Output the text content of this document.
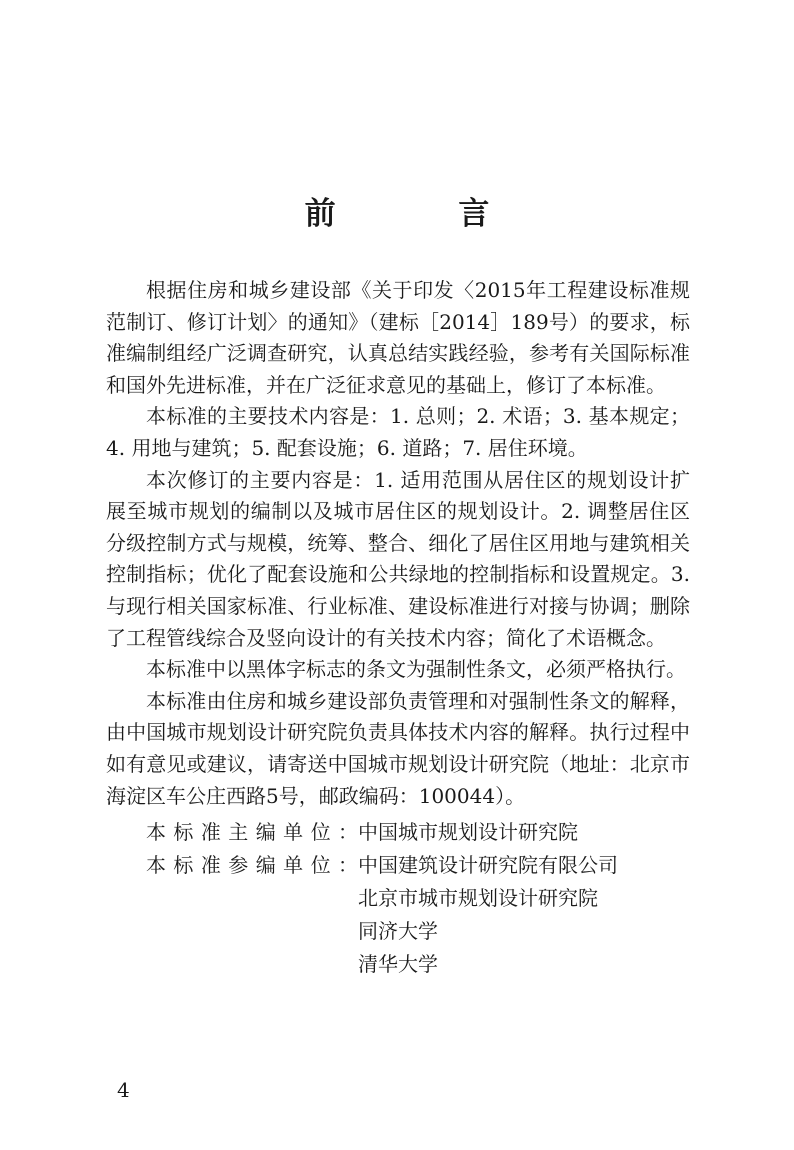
前 言

根据住房和城乡建设部《关于印发〈2015年工程建设标准规范制订、修订计划〉的通知》（建标［2014］189号）的要求，标准编制组经广泛调查研究，认真总结实践经验，参考有关国际标准和国外先进标准，并在广泛征求意见的基础上，修订了本标准。

本标准的主要技术内容是：1. 总则；2. 术语；3. 基本规定；4. 用地与建筑；5. 配套设施；6. 道路；7. 居住环境。

本次修订的主要内容是：1. 适用范围从居住区的规划设计扩展至城市规划的编制以及城市居住区的规划设计。2. 调整居住区分级控制方式与规模，统筹、整合、细化了居住区用地与建筑相关控制指标；优化了配套设施和公共绿地的控制指标和设置规定。3. 与现行相关国家标准、行业标准、建设标准进行对接与协调；删除了工程管线综合及竖向设计的有关技术内容；简化了术语概念。

本标准中以黑体字标志的条文为强制性条文，必须严格执行。

本标准由住房和城乡建设部负责管理和对强制性条文的解释，由中国城市规划设计研究院负责具体技术内容的解释。执行过程中如有意见或建议，请寄送中国城市规划设计研究院（地址：北京市海淀区车公庄西路5号，邮政编码：100044）。

本标准主编单位： 中国城市规划设计研究院
本标准参编单位： 中国建筑设计研究院有限公司
北京市城市规划设计研究院
同济大学
清华大学
4
